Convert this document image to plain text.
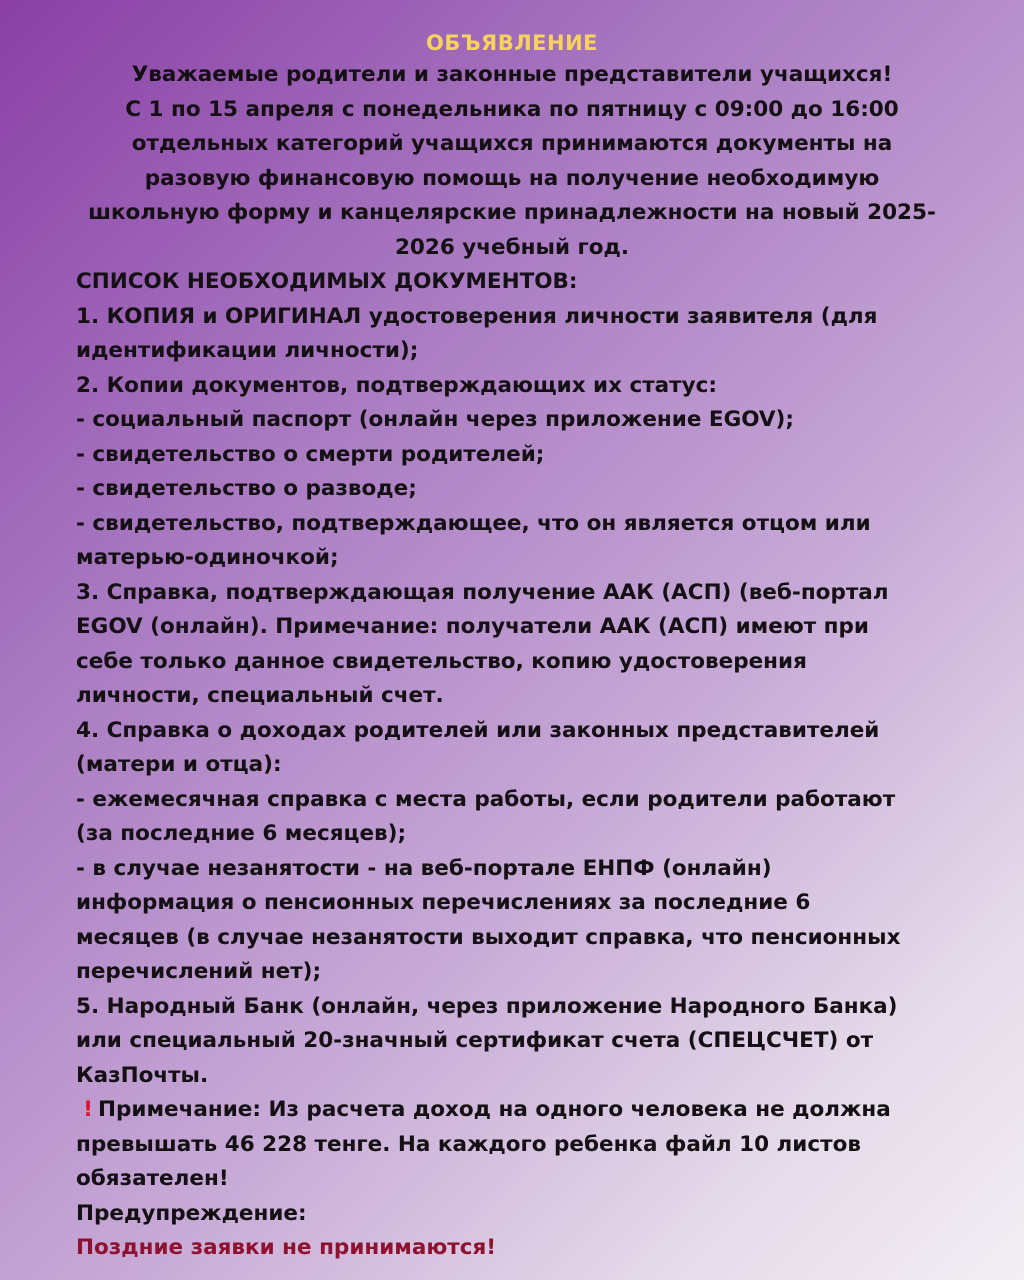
ОБЪЯВЛЕНИЕ
Уважаемые родители и законные представители учащихся!
С 1 по 15 апреля с понедельника по пятницу с 09:00 до 16:00
отдельных категорий учащихся принимаются документы на
разовую финансовую помощь на получение необходимую
школьную форму и канцелярские принадлежности на новый 2025-
2026 учебный год.
СПИСОК НЕОБХОДИМЫХ ДОКУМЕНТОВ:
1. КОПИЯ и ОРИГИНАЛ удостоверения личности заявителя (для
идентификации личности);
2. Копии документов, подтверждающих их статус:
- социальный паспорт (онлайн через приложение EGOV);
- свидетельство о смерти родителей;
- свидетельство о разводе;
- свидетельство, подтверждающее, что он является отцом или
матерью-одиночкой;
3. Справка, подтверждающая получение ААК (АСП) (веб-портал
EGOV (онлайн). Примечание: получатели ААК (АСП) имеют при
себе только данное свидетельство, копию удостоверения
личности, специальный счет.
4. Справка о доходах родителей или законных представителей
(матери и отца):
- ежемесячная справка с места работы, если родители работают
(за последние 6 месяцев);
- в случае незанятости - на веб-портале ЕНПФ (онлайн)
информация о пенсионных перечислениях за последние 6
месяцев (в случае незанятости выходит справка, что пенсионных
перечислений нет);
5. Народный Банк (онлайн, через приложение Народного Банка)
или специальный 20-значный сертификат счета (СПЕЦСЧЕТ) от
КазПочты.
! Примечание: Из расчета доход на одного человека не должна
превышать 46 228 тенге. На каждого ребенка файл 10 листов
обязателен!
Предупреждение:
Поздние заявки не принимаются!
